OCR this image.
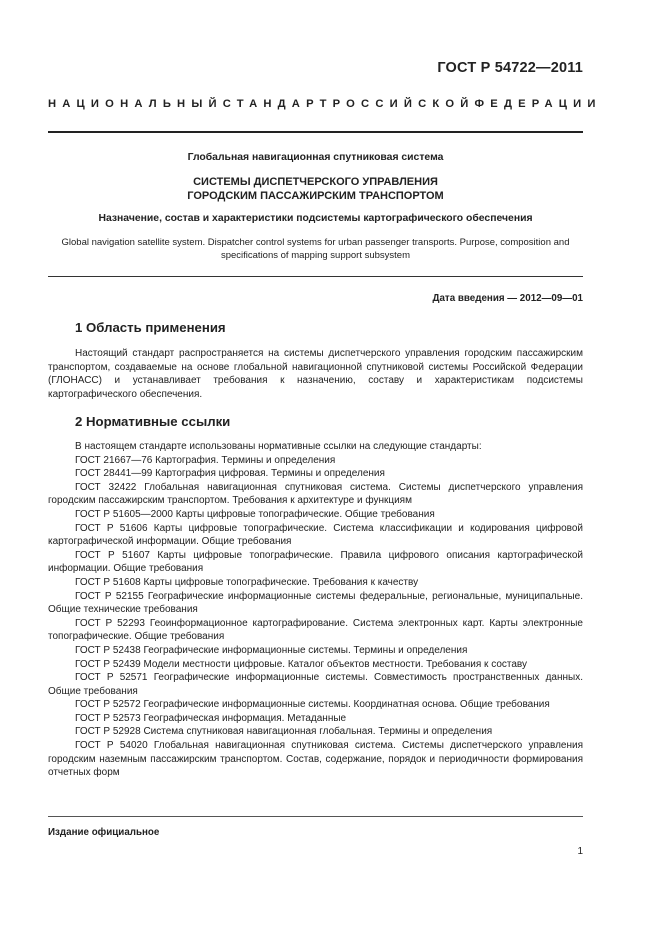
ГОСТ Р 54722—2011
НАЦИОНАЛЬНЫЙ СТАНДАРТ РОССИЙСКОЙ ФЕДЕРАЦИИ
Глобальная навигационная спутниковая система
СИСТЕМЫ ДИСПЕТЧЕРСКОГО УПРАВЛЕНИЯ
ГОРОДСКИМ ПАССАЖИРСКИМ ТРАНСПОРТОМ
Назначение, состав и характеристики подсистемы картографического обеспечения
Global navigation satellite system. Dispatcher control systems for urban passenger transports. Purpose, composition and
specifications of mapping support subsystem
Дата введения — 2012—09—01
1 Область применения
Настоящий стандарт распространяется на системы диспетчерского управления городским пассажирским транспортом, создаваемые на основе глобальной навигационной спутниковой системы Российской Федерации (ГЛОНАСС) и устанавливает требования к назначению, составу и характеристикам подсистемы картографического обеспечения.
2 Нормативные ссылки
В настоящем стандарте использованы нормативные ссылки на следующие стандарты:
ГОСТ 21667—76 Картография. Термины и определения
ГОСТ 28441—99 Картография цифровая. Термины и определения
ГОСТ 32422 Глобальная навигационная спутниковая система. Системы диспетчерского управления городским пассажирским транспортом. Требования к архитектуре и функциям
ГОСТ Р 51605—2000 Карты цифровые топографические. Общие требования
ГОСТ Р 51606 Карты цифровые топографические. Система классификации и кодирования цифровой картографической информации. Общие требования
ГОСТ Р 51607 Карты цифровые топографические. Правила цифрового описания картографической информации. Общие требования
ГОСТ Р 51608 Карты цифровые топографические. Требования к качеству
ГОСТ Р 52155 Географические информационные системы федеральные, региональные, муниципальные. Общие технические требования
ГОСТ Р 52293 Геоинформационное картографирование. Система электронных карт. Карты электронные топографические. Общие требования
ГОСТ Р 52438 Географические информационные системы. Термины и определения
ГОСТ Р 52439 Модели местности цифровые. Каталог объектов местности. Требования к составу
ГОСТ Р 52571 Географические информационные системы. Совместимость пространственных данных. Общие требования
ГОСТ Р 52572 Географические информационные системы. Координатная основа. Общие требования
ГОСТ Р 52573 Географическая информация. Метаданные
ГОСТ Р 52928 Система спутниковая навигационная глобальная. Термины и определения
ГОСТ Р 54020 Глобальная навигационная спутниковая система. Системы диспетчерского управления городским наземным пассажирским транспортом. Состав, содержание, порядок и периодичности формирования отчетных форм
Издание официальное
1
